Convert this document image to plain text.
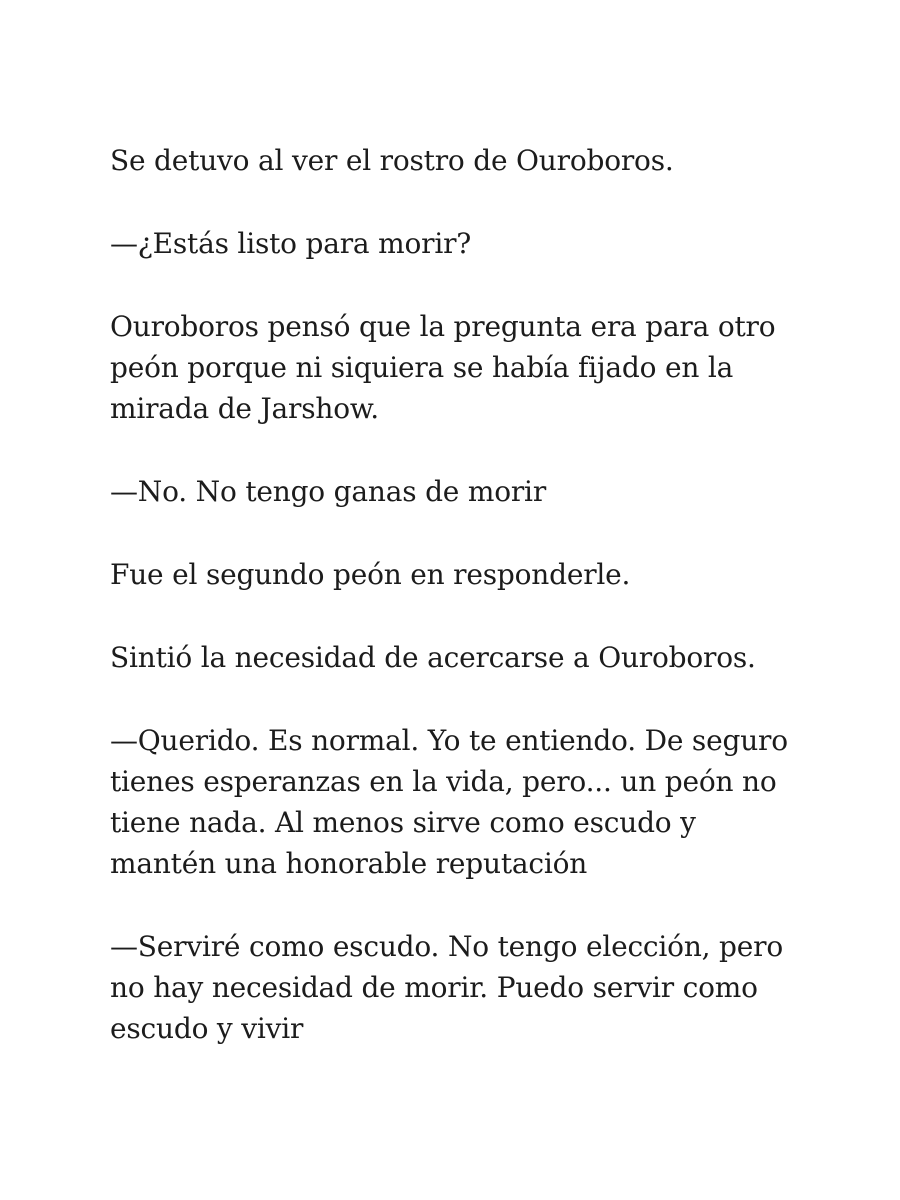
Se detuvo al ver el rostro de Ouroboros.

—¿Estás listo para morir?

Ouroboros pensó que la pregunta era para otro
peón porque ni siquiera se había fijado en la
mirada de Jarshow.

—No. No tengo ganas de morir

Fue el segundo peón en responderle.

Sintió la necesidad de acercarse a Ouroboros.

—Querido. Es normal. Yo te entiendo. De seguro
tienes esperanzas en la vida, pero... un peón no
tiene nada. Al menos sirve como escudo y
mantén una honorable reputación

—Serviré como escudo. No tengo elección, pero
no hay necesidad de morir. Puedo servir como
escudo y vivir
